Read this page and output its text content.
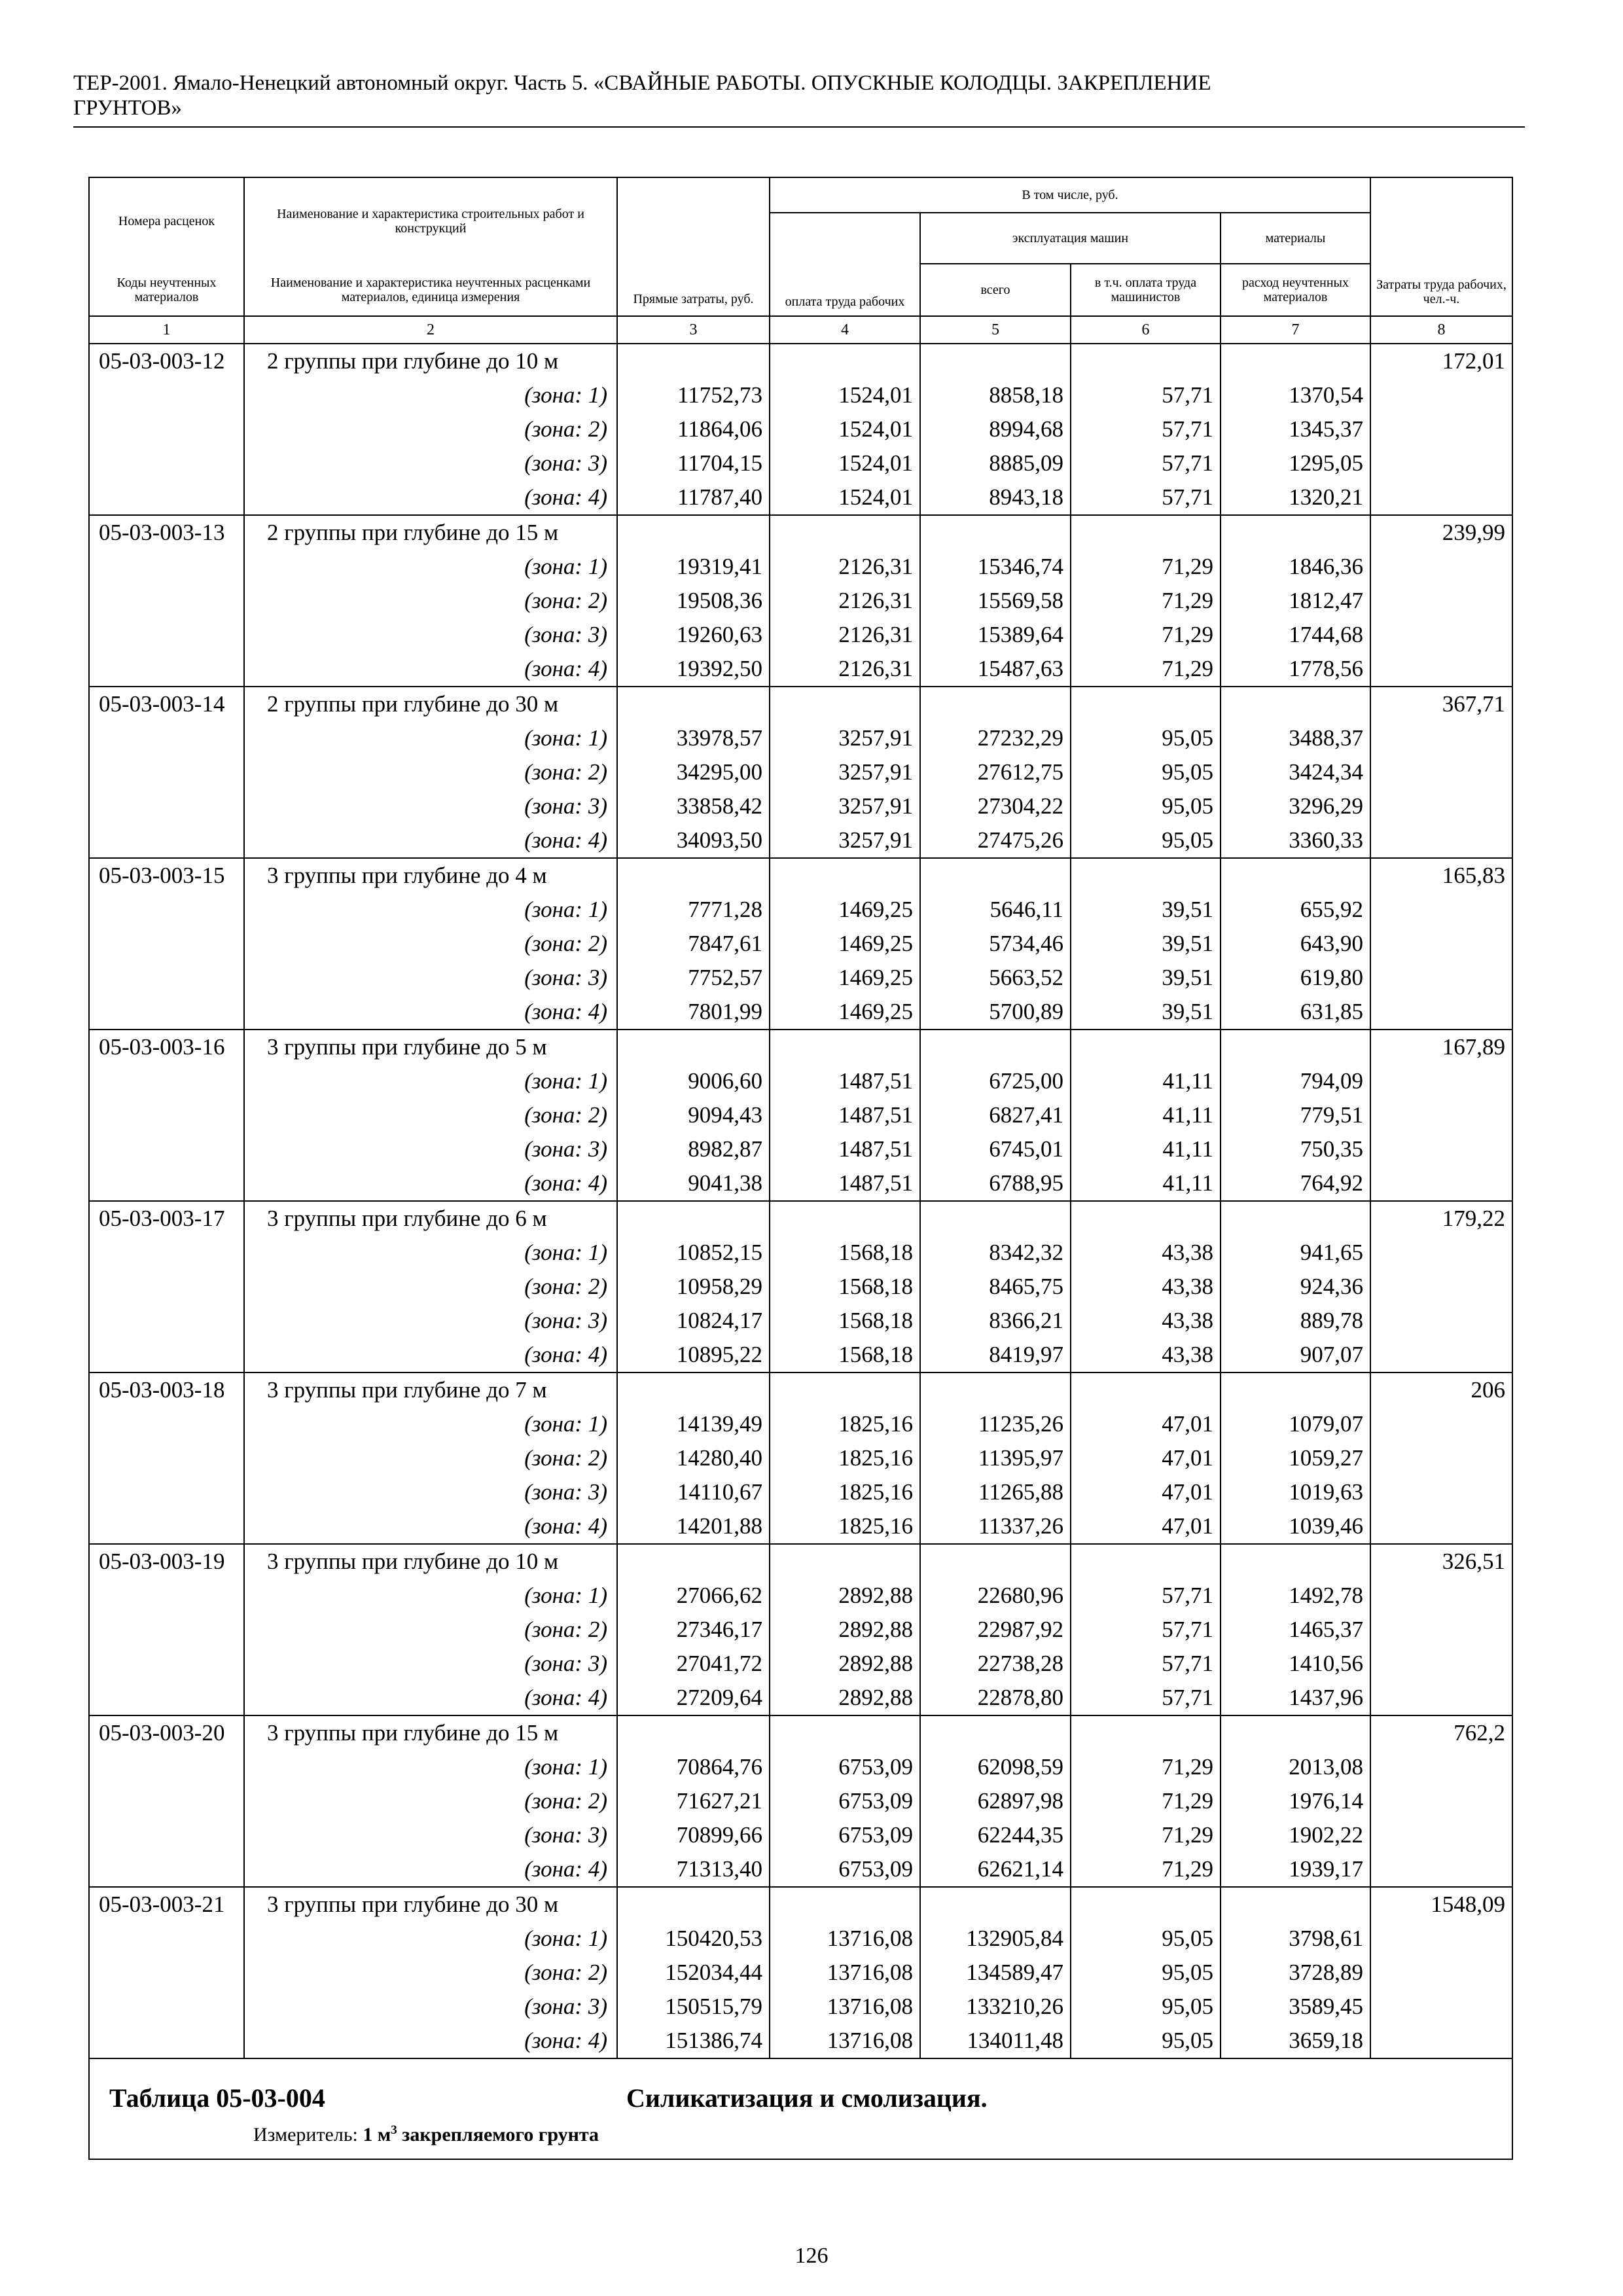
ТЕР-2001. Ямало-Ненецкий автономный округ. Часть 5. «СВАЙНЫЕ РАБОТЫ. ОПУСКНЫЕ КОЛОДЦЫ. ЗАКРЕПЛЕНИЕ
ГРУНТОВ»
Номера расценок	Наименование и характеристика строительных работ и конструкций	Прямые затраты, руб.	В том числе, руб.				Затраты труда рабочих, чел.-ч.
			оплата труда рабочих	эксплуатация машин		материалы	
Коды неучтенных материалов	Наименование и характеристика неучтенных расценками материалов, единица измерения			всего	в т.ч. оплата труда машинистов	расход неучтенных материалов	
1	2	3	4	5	6	7	8
05-03-003-12	2 группы при глубине до 10 м						172,01
	(зона: 1)	11752,73	1524,01	8858,18	57,71	1370,54	
	(зона: 2)	11864,06	1524,01	8994,68	57,71	1345,37	
	(зона: 3)	11704,15	1524,01	8885,09	57,71	1295,05	
	(зона: 4)	11787,40	1524,01	8943,18	57,71	1320,21	
05-03-003-13	2 группы при глубине до 15 м						239,99
	(зона: 1)	19319,41	2126,31	15346,74	71,29	1846,36	
	(зона: 2)	19508,36	2126,31	15569,58	71,29	1812,47	
	(зона: 3)	19260,63	2126,31	15389,64	71,29	1744,68	
	(зона: 4)	19392,50	2126,31	15487,63	71,29	1778,56	
05-03-003-14	2 группы при глубине до 30 м						367,71
	(зона: 1)	33978,57	3257,91	27232,29	95,05	3488,37	
	(зона: 2)	34295,00	3257,91	27612,75	95,05	3424,34	
	(зона: 3)	33858,42	3257,91	27304,22	95,05	3296,29	
	(зона: 4)	34093,50	3257,91	27475,26	95,05	3360,33	
05-03-003-15	3 группы при глубине до 4 м						165,83
	(зона: 1)	7771,28	1469,25	5646,11	39,51	655,92	
	(зона: 2)	7847,61	1469,25	5734,46	39,51	643,90	
	(зона: 3)	7752,57	1469,25	5663,52	39,51	619,80	
	(зона: 4)	7801,99	1469,25	5700,89	39,51	631,85	
05-03-003-16	3 группы при глубине до 5 м						167,89
	(зона: 1)	9006,60	1487,51	6725,00	41,11	794,09	
	(зона: 2)	9094,43	1487,51	6827,41	41,11	779,51	
	(зона: 3)	8982,87	1487,51	6745,01	41,11	750,35	
	(зона: 4)	9041,38	1487,51	6788,95	41,11	764,92	
05-03-003-17	3 группы при глубине до 6 м						179,22
	(зона: 1)	10852,15	1568,18	8342,32	43,38	941,65	
	(зона: 2)	10958,29	1568,18	8465,75	43,38	924,36	
	(зона: 3)	10824,17	1568,18	8366,21	43,38	889,78	
	(зона: 4)	10895,22	1568,18	8419,97	43,38	907,07	
05-03-003-18	3 группы при глубине до 7 м						206
	(зона: 1)	14139,49	1825,16	11235,26	47,01	1079,07	
	(зона: 2)	14280,40	1825,16	11395,97	47,01	1059,27	
	(зона: 3)	14110,67	1825,16	11265,88	47,01	1019,63	
	(зона: 4)	14201,88	1825,16	11337,26	47,01	1039,46	
05-03-003-19	3 группы при глубине до 10 м						326,51
	(зона: 1)	27066,62	2892,88	22680,96	57,71	1492,78	
	(зона: 2)	27346,17	2892,88	22987,92	57,71	1465,37	
	(зона: 3)	27041,72	2892,88	22738,28	57,71	1410,56	
	(зона: 4)	27209,64	2892,88	22878,80	57,71	1437,96	
05-03-003-20	3 группы при глубине до 15 м						762,2
	(зона: 1)	70864,76	6753,09	62098,59	71,29	2013,08	
	(зона: 2)	71627,21	6753,09	62897,98	71,29	1976,14	
	(зона: 3)	70899,66	6753,09	62244,35	71,29	1902,22	
	(зона: 4)	71313,40	6753,09	62621,14	71,29	1939,17	
05-03-003-21	3 группы при глубине до 30 м						1548,09
	(зона: 1)	150420,53	13716,08	132905,84	95,05	3798,61	
	(зона: 2)	152034,44	13716,08	134589,47	95,05	3728,89	
	(зона: 3)	150515,79	13716,08	133210,26	95,05	3589,45	
	(зона: 4)	151386,74	13716,08	134011,48	95,05	3659,18	

Таблица 05-03-004 Силикатизация и смолизация.
Измеритель: 1 $м^3$ закрепляемого грунта							
126
